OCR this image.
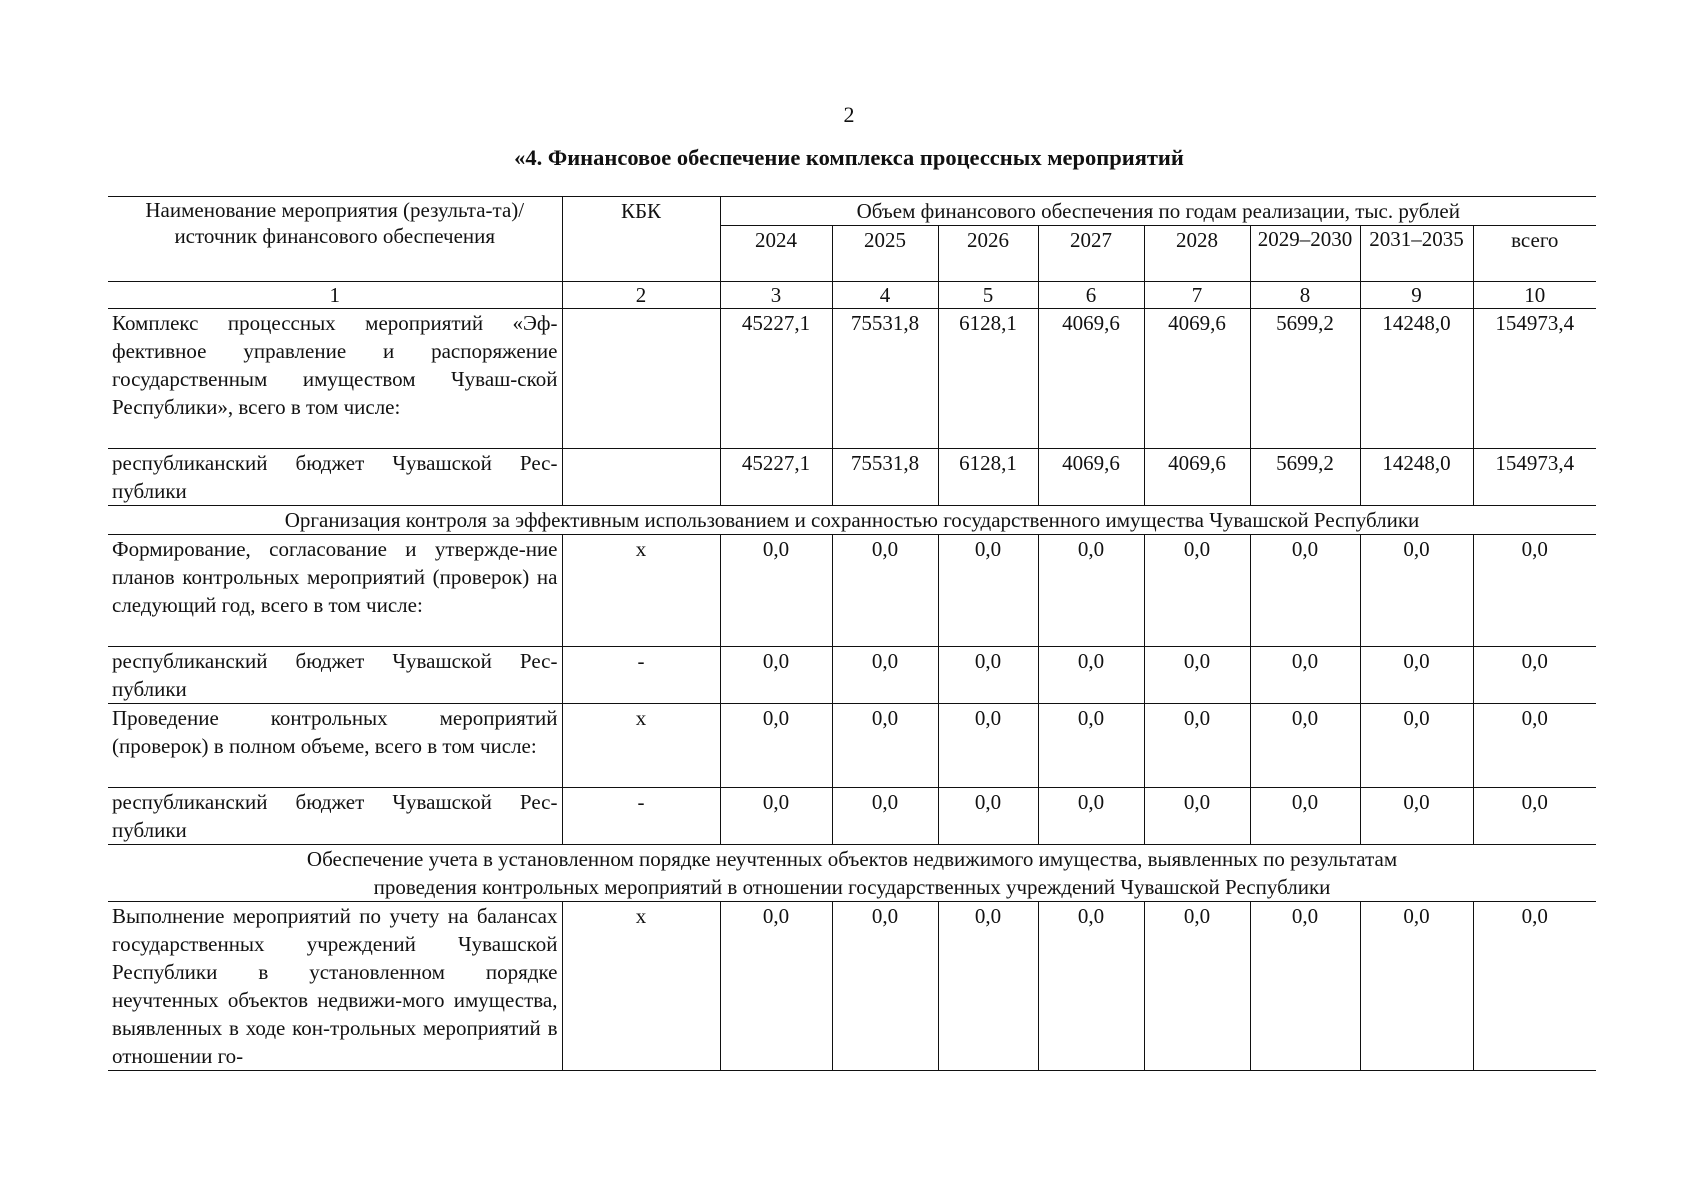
2
«4. Финансовое обеспечение комплекса процессных мероприятий
Наименование мероприятия (результа-та)/источник финансового обеспечения	КБК	Объем финансового обеспечения по годам реализации, тыс. рублей							
		2024	2025	2026	2027	2028	2029–2030	2031–2035	всего
1	2	3	4	5	6	7	8	9	10
Комплекс процессных мероприятий «Эф-фективное управление и распоряжение государственным имуществом Чуваш-ской Республики», всего в том числе:		45227,1	75531,8	6128,1	4069,6	4069,6	5699,2	14248,0	154973,4
республиканский бюджет Чувашской Рес-публики		45227,1	75531,8	6128,1	4069,6	4069,6	5699,2	14248,0	154973,4
Организация контроля за эффективным использованием и сохранностью государственного имущества Чувашской Республики									
Формирование, согласование и утвержде-ние планов контрольных мероприятий (проверок) на следующий год, всего в том числе:	х	0,0	0,0	0,0	0,0	0,0	0,0	0,0	0,0
республиканский бюджет Чувашской Рес-публики	-	0,0	0,0	0,0	0,0	0,0	0,0	0,0	0,0
Проведение контрольных мероприятий (проверок) в полном объеме, всего в том числе:	х	0,0	0,0	0,0	0,0	0,0	0,0	0,0	0,0
республиканский бюджет Чувашской Рес-публики	-	0,0	0,0	0,0	0,0	0,0	0,0	0,0	0,0
Обеспечение учета в установленном порядке неучтенных объектов недвижимого имущества, выявленных по результатам проведения контрольных мероприятий в отношении государственных учреждений Чувашской Республики									
Выполнение мероприятий по учету на балансах государственных учреждений Чувашской Республики в установленном порядке неучтенных объектов недвижи-мого имущества, выявленных в ходе кон-трольных мероприятий в отношении го-	х	0,0	0,0	0,0	0,0	0,0	0,0	0,0	0,0
